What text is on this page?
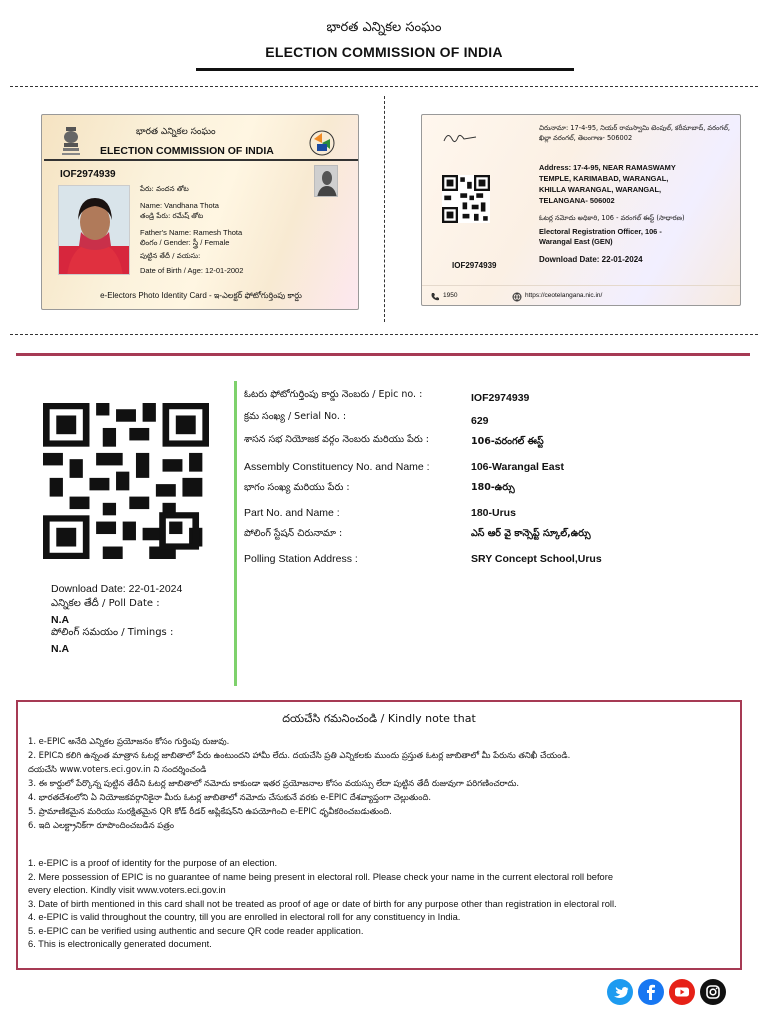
భారత ఎన్నికల సంఘం
ELECTION COMMISSION OF INDIA
భారత ఎన్నికల సంఘం
ELECTION COMMISSION OF INDIA
IOF2974939
పేరు: వందన తోట
Name: Vandhana Thota
తండ్రి పేరు: రమేష్ తోట
Father's Name: Ramesh Thota
లింగం / Gender: స్త్రీ / Female
పుట్టిన తేదీ / వయసు:
Date of Birth / Age: 12-01-2002
e-Electors Photo Identity Card - ఇ-ఎలక్టర్ ఫోటోగుర్తింపు కార్డు
చిరునామా: 17-4-95, నియర్ రామస్వామి టెంపుల్, కరీమాబాద్, వరంగల్, ఖిల్లా వరంగల్, తెలంగాణ- 506002
Address: 17-4-95, NEAR RAMASWAMY
TEMPLE, KARIMABAD, WARANGAL,
KHILLA WARANGAL, WARANGAL,
TELANGANA- 506002
ఓటర్ల నమోదు అధికారి, 106 - వరంగల్ ఈస్ట్ (సాధారణ)
Electoral Registration Officer, 106 -
Warangal East (GEN)
IOF2974939
Download Date: 22-01-2024
1950	https://ceotelangana.nic.in/
Download Date: 22-01-2024
ఎన్నికల తేదీ / Poll Date :
N.A
పోలింగ్ సమయం / Timings :
N.A
ఓటరు ఫోటోగుర్తింపు కార్డు నెంబరు / Epic no. :	IOF2974939
క్రమ సంఖ్య / Serial No. :	629
శాసన సభ నియోజక వర్గం నెంబరు మరియు పేరు :	106-వరంగల్ ఈస్ట్
Assembly Constituency No. and Name :	106-Warangal East
భాగం సంఖ్య మరియు పేరు :	180-ఉర్సు
Part No. and Name :	180-Urus
పోలింగ్ స్టేషన్ చిరునామా :	ఎస్ ఆర్ వై కాన్సెప్ట్ స్కూల్,ఉర్సు
Polling Station Address :	SRY Concept School,Urus
దయచేసి గమనించండి / Kindly note that
1. e-EPIC అనేది ఎన్నికల ప్రయోజనం కోసం గుర్తింపు రుజువు.
2. EPICని కలిగి ఉన్నంత మాత్రాన ఓటర్ల జాబితాలో పేరు ఉంటుందని హామీ లేదు. దయచేసి ప్రతి ఎన్నికలకు ముందు ప్రస్తుత ఓటర్ల జాబితాలో మీ పేరును తనిఖీ చేయండి.
దయచేసి www.voters.eci.gov.in ని సందర్శించండి
3. ఈ కార్డులో పేర్కొన్న పుట్టిన తేదీని ఓటర్ల జాబితాలో నమోదు కాకుండా ఇతర ప్రయోజనాల కోసం వయస్సు లేదా పుట్టిన తేదీ రుజువుగా పరిగణించరాదు.
4. భారతదేశంలోని ఏ నియోజకవర్గానికైనా మీరు ఓటర్ల జాబితాలో నమోదు చేసుకునే వరకు e-EPIC దేశవ్యాప్తంగా చెల్లుతుంది.
5. ప్రామాణికమైన మరియు సురక్షితమైన QR కోడ్ రీడర్ అప్లికేషన్‌ని ఉపయోగించి e-EPIC ధృవీకరించబడుతుంది.
6. ఇది ఎలక్ట్రానిక్‌గా రూపొందించబడిన పత్రం
1. e-EPIC is a proof of identity for the purpose of an election.
2. Mere possession of EPIC is no guarantee of name being present in electoral roll. Please check your name in the current electoral roll before
every election. Kindly visit www.voters.eci.gov.in
3. Date of birth mentioned in this card shall not be treated as proof of age or date of birth for any purpose other than registration in electoral roll.
4. e-EPIC is valid throughout the country, till you are enrolled in electoral roll for any constituency in India.
5. e-EPIC can be verified using authentic and secure QR code reader application.
6. This is electronically generated document.
